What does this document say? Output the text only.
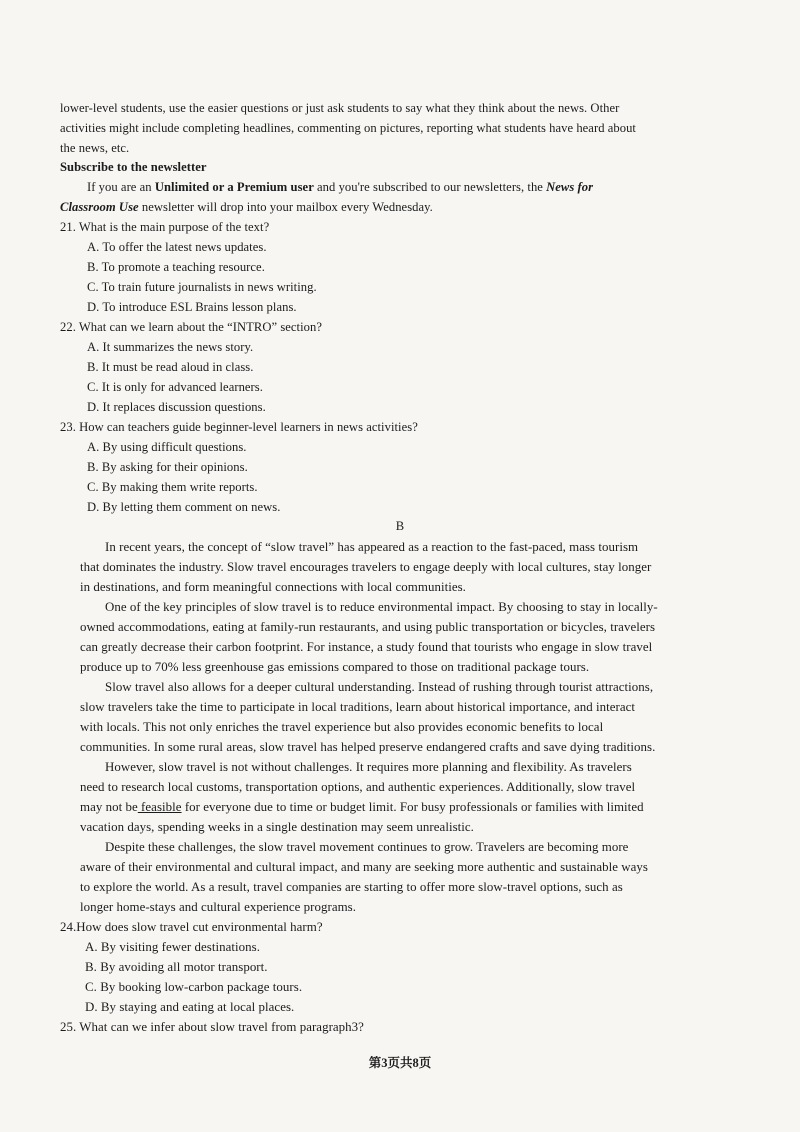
lower-level students, use the easier questions or just ask students to say what they think about the news. Other
activities might include completing headlines, commenting on pictures, reporting what students have heard about
the news, etc.
Subscribe to the newsletter
If you are an Unlimited or a Premium user and you're subscribed to our newsletters, the News for
Classroom Use newsletter will drop into your mailbox every Wednesday.
21. What is the main purpose of the text?
A. To offer the latest news updates.
B. To promote a teaching resource.
C. To train future journalists in news writing.
D. To introduce ESL Brains lesson plans.
22. What can we learn about the “INTRO” section?
A. It summarizes the news story.
B. It must be read aloud in class.
C. It is only for advanced learners.
D. It replaces discussion questions.
23. How can teachers guide beginner-level learners in news activities?
A. By using difficult questions.
B. By asking for their opinions.
C. By making them write reports.
D. By letting them comment on news.
B
In recent years, the concept of “slow travel” has appeared as a reaction to the fast-paced, mass tourism
that dominates the industry. Slow travel encourages travelers to engage deeply with local cultures, stay longer
in destinations, and form meaningful connections with local communities.
One of the key principles of slow travel is to reduce environmental impact. By choosing to stay in locally-
owned accommodations, eating at family-run restaurants, and using public transportation or bicycles, travelers
can greatly decrease their carbon footprint. For instance, a study found that tourists who engage in slow travel
produce up to 70% less greenhouse gas emissions compared to those on traditional package tours.
Slow travel also allows for a deeper cultural understanding. Instead of rushing through tourist attractions,
slow travelers take the time to participate in local traditions, learn about historical importance, and interact
with locals. This not only enriches the travel experience but also provides economic benefits to local
communities. In some rural areas, slow travel has helped preserve endangered crafts and save dying traditions.
However, slow travel is not without challenges. It requires more planning and flexibility. As travelers
need to research local customs, transportation options, and authentic experiences. Additionally, slow travel
may not be feasible for everyone due to time or budget limit. For busy professionals or families with limited
vacation days, spending weeks in a single destination may seem unrealistic.
Despite these challenges, the slow travel movement continues to grow. Travelers are becoming more
aware of their environmental and cultural impact, and many are seeking more authentic and sustainable ways
to explore the world. As a result, travel companies are starting to offer more slow-travel options, such as
longer home-stays and cultural experience programs.
24.How does slow travel cut environmental harm?
A. By visiting fewer destinations.
B. By avoiding all motor transport.
C. By booking low-carbon package tours.
D. By staying and eating at local places.
25. What can we infer about slow travel from paragraph3?
第3页共8页
